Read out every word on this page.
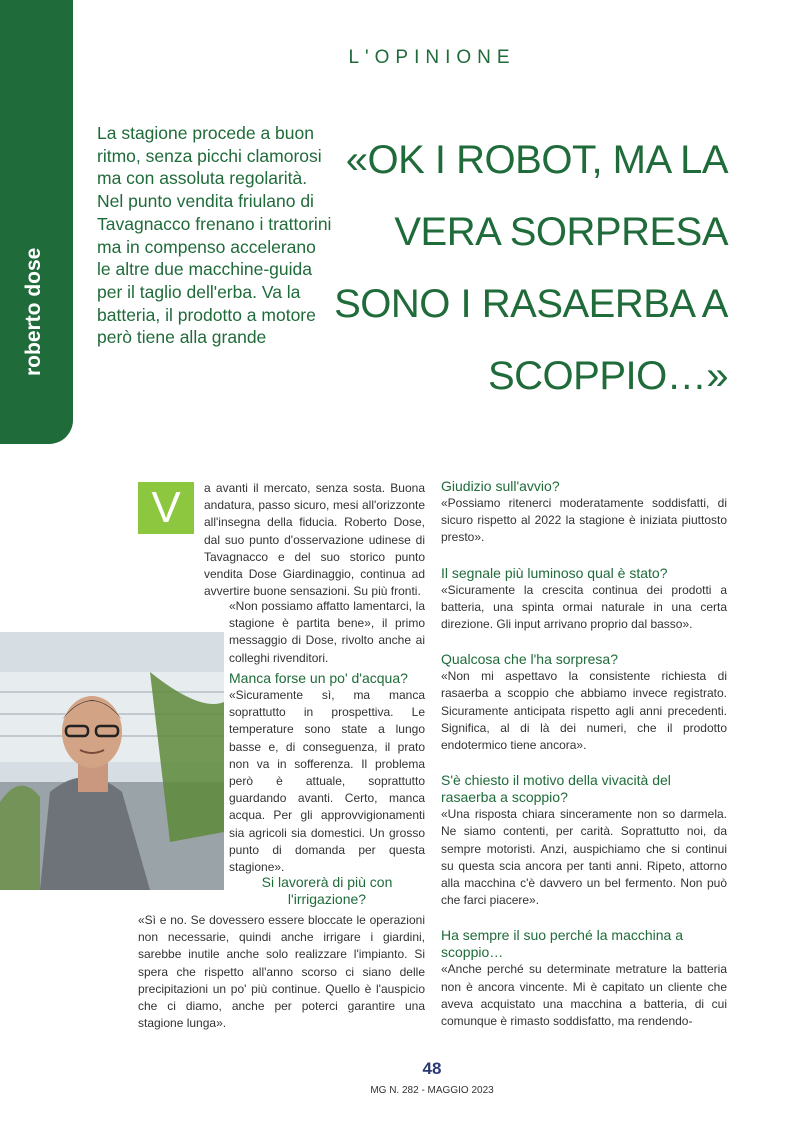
roberto dose
L'OPINIONE
La stagione procede a buon ritmo, senza picchi clamorosi ma con assoluta regolarità. Nel punto vendita friulano di Tavagnacco frenano i trattorini ma in compenso accelerano le altre due macchine-guida per il taglio dell'erba. Va la batteria, il prodotto a motore però tiene alla grande
«OK I ROBOT, MA LA VERA SORPRESA SONO I RASAERBA A SCOPPIO…»
V	a avanti il mercato, senza sosta. Buona andatura, passo sicuro, mesi all'orizzonte all'insegna della fiducia. Roberto Dose, dal suo punto d'osservazione udinese di Tavagnacco e del suo storico punto vendita Dose Giardinaggio, continua ad avvertire buone sensazioni. Su più fronti.

«Non possiamo affatto lamentarci, la stagione è partita bene», il primo messaggio di Dose, rivolto anche ai colleghi rivenditori.

Manca forse un po' d'acqua?

«Sicuramente sì, ma manca soprattutto in prospettiva. Le temperature sono state a lungo basse e, di conseguenza, il prato non va in sofferenza. Il problema però è attuale, soprattutto guardando avanti. Certo, manca acqua. Per gli approvvigionamenti sia agricoli sia domestici. Un grosso punto di domanda per questa stagione».

Si lavorerà di più con l'irrigazione?

«Sì e no. Se dovessero essere bloccate le operazioni non necessarie, quindi anche irrigare i giardini, sarebbe inutile anche solo realizzare l'impianto. Si spera che rispetto all'anno scorso ci siano delle precipitazioni un po' più continue. Quello è l'auspicio che ci diamo, anche per poterci garantire una stagione lunga».

Giudizio sull'avvio?

«Possiamo ritenerci moderatamente soddisfatti, di sicuro rispetto al 2022 la stagione è iniziata piuttosto presto».

Il segnale più luminoso qual è stato?

«Sicuramente la crescita continua dei prodotti a batteria, una spinta ormai naturale in una certa direzione. Gli input arrivano proprio dal basso».

Qualcosa che l'ha sorpresa?

«Non mi aspettavo la consistente richiesta di rasaerba a scoppio che abbiamo invece registrato. Sicuramente anticipata rispetto agli anni precedenti. Significa, al di là dei numeri, che il prodotto endotermico tiene ancora».

S'è chiesto il motivo della vivacità del rasaerba a scoppio?

«Una risposta chiara sinceramente non so darmela. Ne siamo contenti, per carità. Soprattutto noi, da sempre motoristi. Anzi, auspichiamo che si continui su questa scia ancora per tanti anni. Ripeto, attorno alla macchina c'è davvero un bel fermento. Non può che farci piacere».

Ha sempre il suo perché la macchina a scoppio…

«Anche perché su determinate metrature la batteria non è ancora vincente. Mi è capitato un cliente che aveva acquistato una macchina a batteria, di cui comunque è rimasto soddisfatto, ma rendendo-

48
MG N. 282 - MAGGIO 2023
